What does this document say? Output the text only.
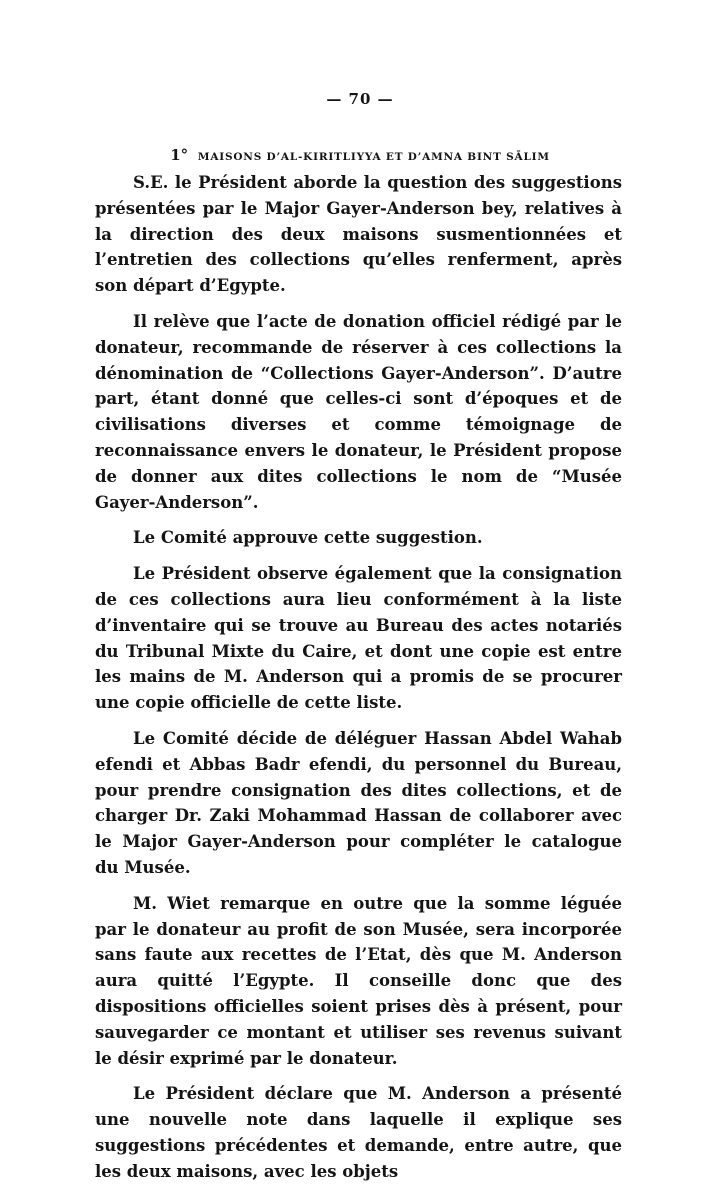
— 70 —
1° MAISONS D’AL-KIRITLIYYA ET D’AMNA BINT SĀLIM

S.E. le Président aborde la question des suggestions présentées par le Major Gayer-Anderson bey, relatives à la direction des deux maisons susmentionnées et l’entretien des collections qu’elles renferment, après son départ d’Egypte.

Il relève que l’acte de donation officiel rédigé par le donateur, recommande de réserver à ces collections la dénomination de “Collections Gayer-Anderson”. D’autre part, étant donné que celles-ci sont d’époques et de civilisations diverses et comme témoignage de reconnaissance envers le donateur, le Président propose de donner aux dites collections le nom de “Musée Gayer-Anderson”.

Le Comité approuve cette suggestion.

Le Président observe également que la consignation de ces collections aura lieu conformément à la liste d’inventaire qui se trouve au Bureau des actes notariés du Tribunal Mixte du Caire, et dont une copie est entre les mains de M. Anderson qui a promis de se procurer une copie officielle de cette liste.

Le Comité décide de déléguer Hassan Abdel Wahab efendi et Abbas Badr efendi, du personnel du Bureau, pour prendre consignation des dites collections, et de charger Dr. Zaki Mohammad Hassan de collaborer avec le Major Gayer-Anderson pour compléter le catalogue du Musée.

M. Wiet remarque en outre que la somme léguée par le donateur au profit de son Musée, sera incorporée sans faute aux recettes de l’Etat, dès que M. Anderson aura quitté l’Egypte. Il conseille donc que des dispositions officielles soient prises dès à présent, pour sauvegarder ce montant et utiliser ses revenus suivant le désir exprimé par le donateur.

Le Président déclare que M. Anderson a présenté une nouvelle note dans laquelle il explique ses suggestions précédentes et demande, entre autre, que les deux maisons, avec les objets
